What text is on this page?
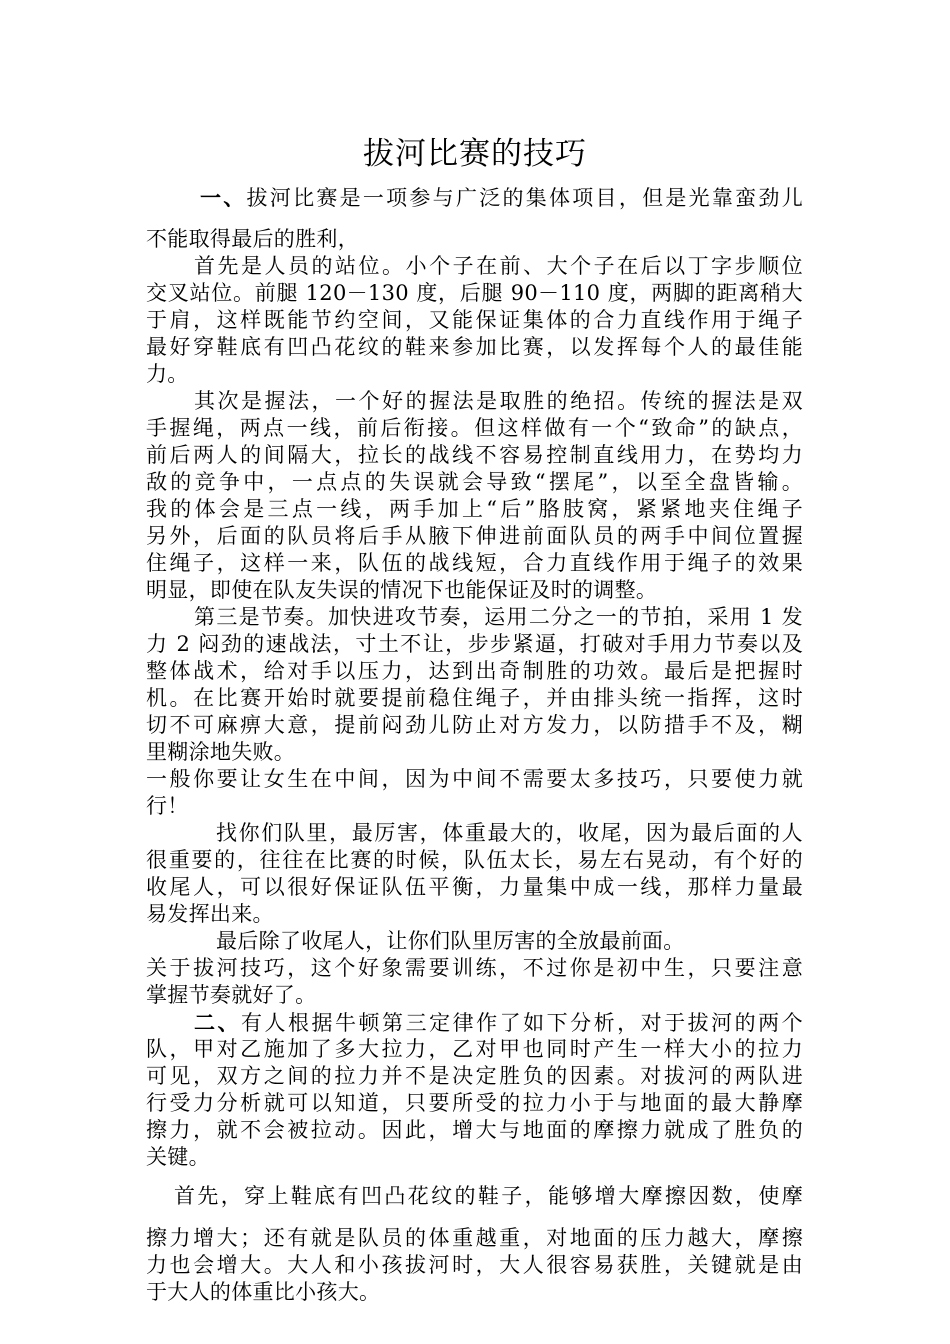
拔河比赛的技巧
一、拔河比赛是一项参与广泛的集体项目，但是光靠蛮劲儿
不能取得最后的胜利，
首先是人员的站位。小个子在前、大个子在后以丁字步顺位
交叉站位。前腿 120－130 度，后腿 90－110 度，两脚的距离稍大
于肩，这样既能节约空间，又能保证集体的合力直线作用于绳子
最好穿鞋底有凹凸花纹的鞋来参加比赛，以发挥每个人的最佳能
力。
其次是握法，一个好的握法是取胜的绝招。传统的握法是双
手握绳，两点一线，前后衔接。但这样做有一个“致命”的缺点，
前后两人的间隔大，拉长的战线不容易控制直线用力，在势均力
敌的竞争中，一点点的失误就会导致“摆尾”，以至全盘皆输。
我的体会是三点一线，两手加上“后”胳肢窝，紧紧地夹住绳子
另外，后面的队员将后手从腋下伸进前面队员的两手中间位置握
住绳子，这样一来，队伍的战线短，合力直线作用于绳子的效果
明显，即使在队友失误的情况下也能保证及时的调整。
第三是节奏。加快进攻节奏，运用二分之一的节拍，采用 1 发
力 2 闷劲的速战法，寸土不让，步步紧逼，打破对手用力节奏以及
整体战术，给对手以压力，达到出奇制胜的功效。最后是把握时
机。在比赛开始时就要提前稳住绳子，并由排头统一指挥，这时
切不可麻痹大意，提前闷劲儿防止对方发力，以防措手不及，糊
里糊涂地失败。
一般你要让女生在中间，因为中间不需要太多技巧，只要使力就
行！
找你们队里，最厉害，体重最大的，收尾，因为最后面的人
很重要的，往往在比赛的时候，队伍太长，易左右晃动，有个好的
收尾人，可以很好保证队伍平衡，力量集中成一线，那样力量最
易发挥出来。
最后除了收尾人，让你们队里厉害的全放最前面。
关于拔河技巧，这个好象需要训练，不过你是初中生，只要注意
掌握节奏就好了。
二、有人根据牛顿第三定律作了如下分析，对于拔河的两个
队，甲对乙施加了多大拉力，乙对甲也同时产生一样大小的拉力
可见，双方之间的拉力并不是决定胜负的因素。对拔河的两队进
行受力分析就可以知道，只要所受的拉力小于与地面的最大静摩
擦力，就不会被拉动。因此，增大与地面的摩擦力就成了胜负的
关键。
首先，穿上鞋底有凹凸花纹的鞋子，能够增大摩擦因数，使摩
擦力增大；还有就是队员的体重越重，对地面的压力越大，摩擦
力也会增大。大人和小孩拔河时，大人很容易获胜，关键就是由
于大人的体重比小孩大。
